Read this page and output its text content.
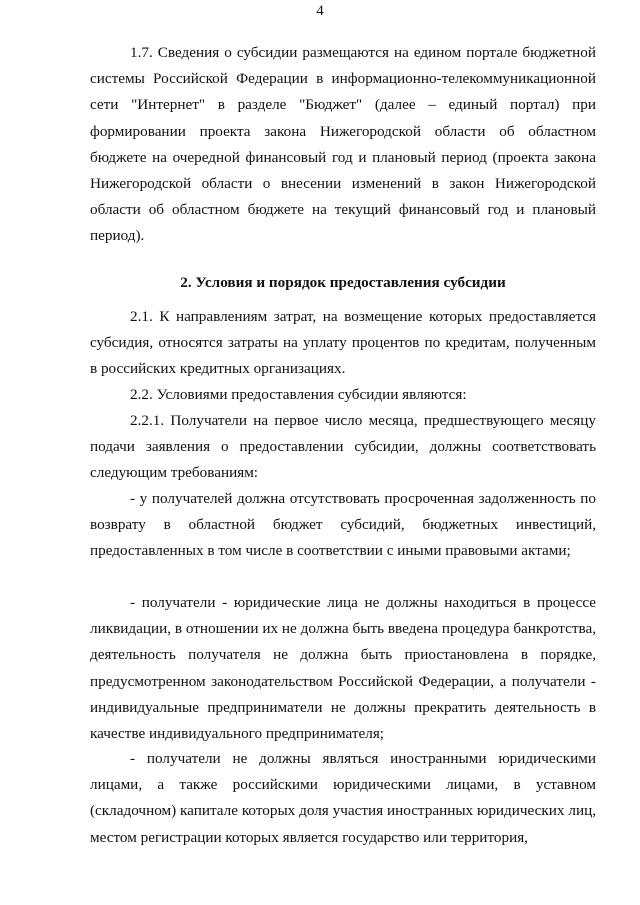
4
1.7. Сведения о субсидии размещаются на едином портале бюджетной системы Российской Федерации в информационно-телекоммуникационной сети "Интернет" в разделе "Бюджет" (далее – единый портал) при формировании проекта закона Нижегородской области об областном бюджете на очередной финансовый год и плановый период (проекта закона Нижегородской области о внесении изменений в закон Нижегородской области об областном бюджете на текущий финансовый год и плановый период).
2. Условия и порядок предоставления субсидии
2.1. К направлениям затрат, на возмещение которых предоставляется субсидия, относятся затраты на уплату процентов по кредитам, полученным в российских кредитных организациях.
2.2. Условиями предоставления субсидии являются:
2.2.1. Получатели на первое число месяца, предшествующего месяцу подачи заявления о предоставлении субсидии, должны соответствовать следующим требованиям:
- у получателей должна отсутствовать просроченная задолженность по возврату в областной бюджет субсидий, бюджетных инвестиций, предоставленных в том числе в соответствии с иными правовыми актами;
- получатели - юридические лица не должны находиться в процессе ликвидации, в отношении их не должна быть введена процедура банкротства, деятельность получателя не должна быть приостановлена в порядке, предусмотренном законодательством Российской Федерации, а получатели - индивидуальные предприниматели не должны прекратить деятельность в качестве индивидуального предпринимателя;
- получатели не должны являться иностранными юридическими лицами, а также российскими юридическими лицами, в уставном (складочном) капитале которых доля участия иностранных юридических лиц, местом регистрации которых является государство или территория,
